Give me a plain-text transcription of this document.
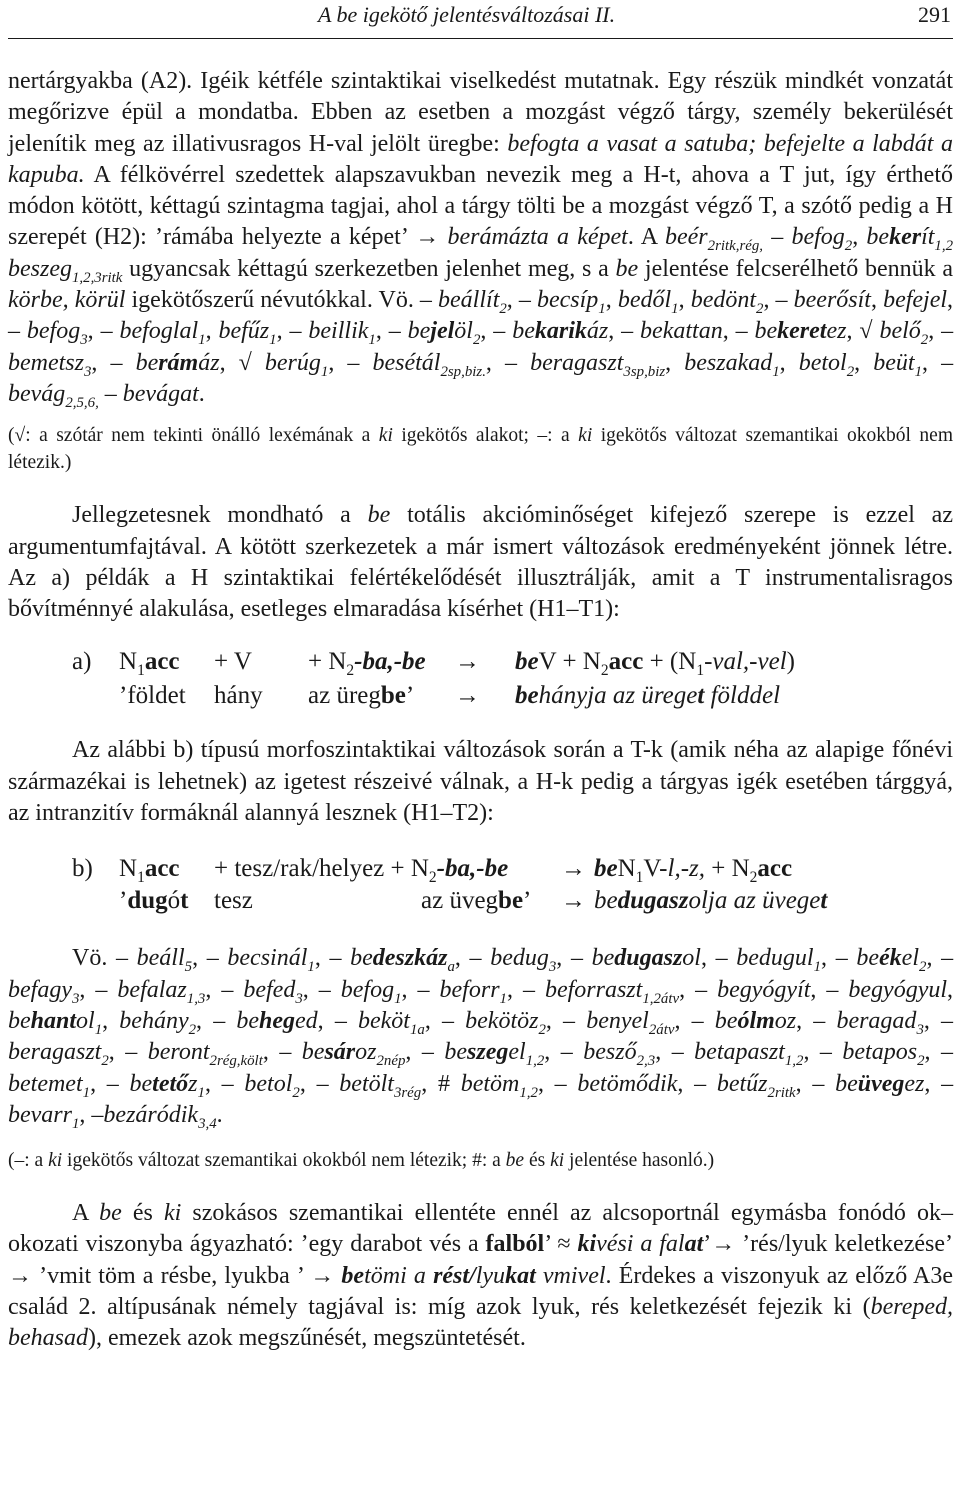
A be igekötő jelentésváltozásai II.	291

nertárgyakba (A2). Igéik kétféle szintaktikai viselkedést mutatnak. Egy részük mindkét vonzatát megőrizve épül a mondatba. Ebben az esetben a mozgást végző tárgy, személy bekerülését jelenítik meg az illativusragos H-val jelölt üregbe: befogta a vasat a satuba; befejelte a labdát a kapuba. A félkövérrel szedettek alapszavukban nevezik meg a H-t, ahova a T jut, így érthető módon kötött, kéttagú szintagma tagjai, ahol a tárgy tölti be a mozgást végző T, a szótő pedig a H szerepét (H2): ’rámába helyezte a képet’ → berámázta a képet. A beér$_{2ritk,rég,}$ – befog$_2$, bekerít$_{1,2}$ beszeg$_{1,2,3ritk}$ ugyancsak kéttagú szerkezetben jelenhet meg, s a be jelentése felcserélhető bennük a körbe, körül igekötőszerű névutókkal. Vö. – beállít$_2$, – becsíp$_1$, bedől$_1$, bedönt$_2$, – beerősít, befejel, – befog$_3$, – befoglal$_1$, befűz$_1$, – beillik$_1$, – bejelöl$_2$, – bekarikáz, – bekattan, – bekeretez, √ belő$_2$, – bemetsz$_3$, – berámáz, √ berúg$_1$, – besétál$_{2sp,biz.}$, – beragaszt$_{3sp,biz}$, beszakad$_1$, betol$_2$, beüt$_1$, – bevág$_{2,5,6,}$ – bevágat.

(√: a szótár nem tekinti önálló lexémának a ki igekötős alakot; –: a ki igekötős változat szemantikai okokból nem létezik.)

Jellegzetesnek mondható a be totális akcióminőséget kifejező szerepe is ezzel az argumentumfajtával. A kötött szerkezetek a már ismert változások eredményeként jönnek létre. Az a) példák a H szintaktikai felértékelődését illusztrálják, amit a T instrumentalisragos bővítménnyé alakulása, esetleges elmaradása kísérhet (H1–T1):

a) $N_1acc + V + N_2-ba,-be$ → beV + $N_2acc + (N_1-val,-vel)$
’földet hány az üregbe’ → behányja az üreget földdel

Az alábbi b) típusú morfoszintaktikai változások során a T-k (amik néha az alapige főnévi származékai is lehetnek) az igetest részeivé válnak, a H-k pedig a tárgyas igék esetében tárggyá, az intranzitív formáknál alannyá lesznek (H1–T2):

b) $N_1acc$ + tesz/rak/helyez + $N_2-ba,-be \to beN_1V-l,-z$, + $N_2acc$
’dugót tesz	az üvegbe’ → bedugaszolja az üveget

Vö. – beáll$_5$, – becsinál$_1$, – bedeszkáz$_a$, – bedug$_3$, – bedugaszol, – bedugul$_1$, – beékel$_2$, – befagy$_3$, – befalaz$_{1,3}$, – befed$_3$, – befog$_1$, – beforr$_1$, – beforraszt$_{1,2átv}$, – begyógyít, – begyógyul, behantol$_1$, behány$_2$, – beheged, – beköt$_{1a}$, – bekötöz$_2$, – benyel$_{2átv}$, – beólmoz, – beragad$_3$, – beragaszt$_2$, – beront$_{2rég,költ}$, – besároz$_{2nép}$, – beszegel$_{1,2}$, – besző$_{2,3}$, – betapaszt$_{1,2}$, – betapos$_2$, – betemet$_1$, – betetőz$_1$, – betol$_2$, – betölt$_{3rég}$, # betöm$_{1,2}$, – betömődik, – betűz$_{2ritk}$, – beüvegez, – bevarr$_1$, –bezáródik$_{3,4}$.

(–: a ki igekötős változat szemantikai okokból nem létezik; #: a be és ki jelentése hasonló.)

A be és ki szokásos szemantikai ellentéte ennél az alcsoportnál egymásba fonódó ok–okozati viszonyba ágyazható: ’egy darabot vés a falból’ ≈ kivési a falat’→ ’rés/lyuk keletkezése’ → ’vmit töm a résbe, lyukba ’ → betömi a rést/lyukat vmivel. Érdekes a viszonyuk az előző A3e család 2. altípusának némely tagjával is: míg azok lyuk, rés keletkezését fejezik ki (bereped, behasad), emezek azok megszűnését, megszüntetését.
